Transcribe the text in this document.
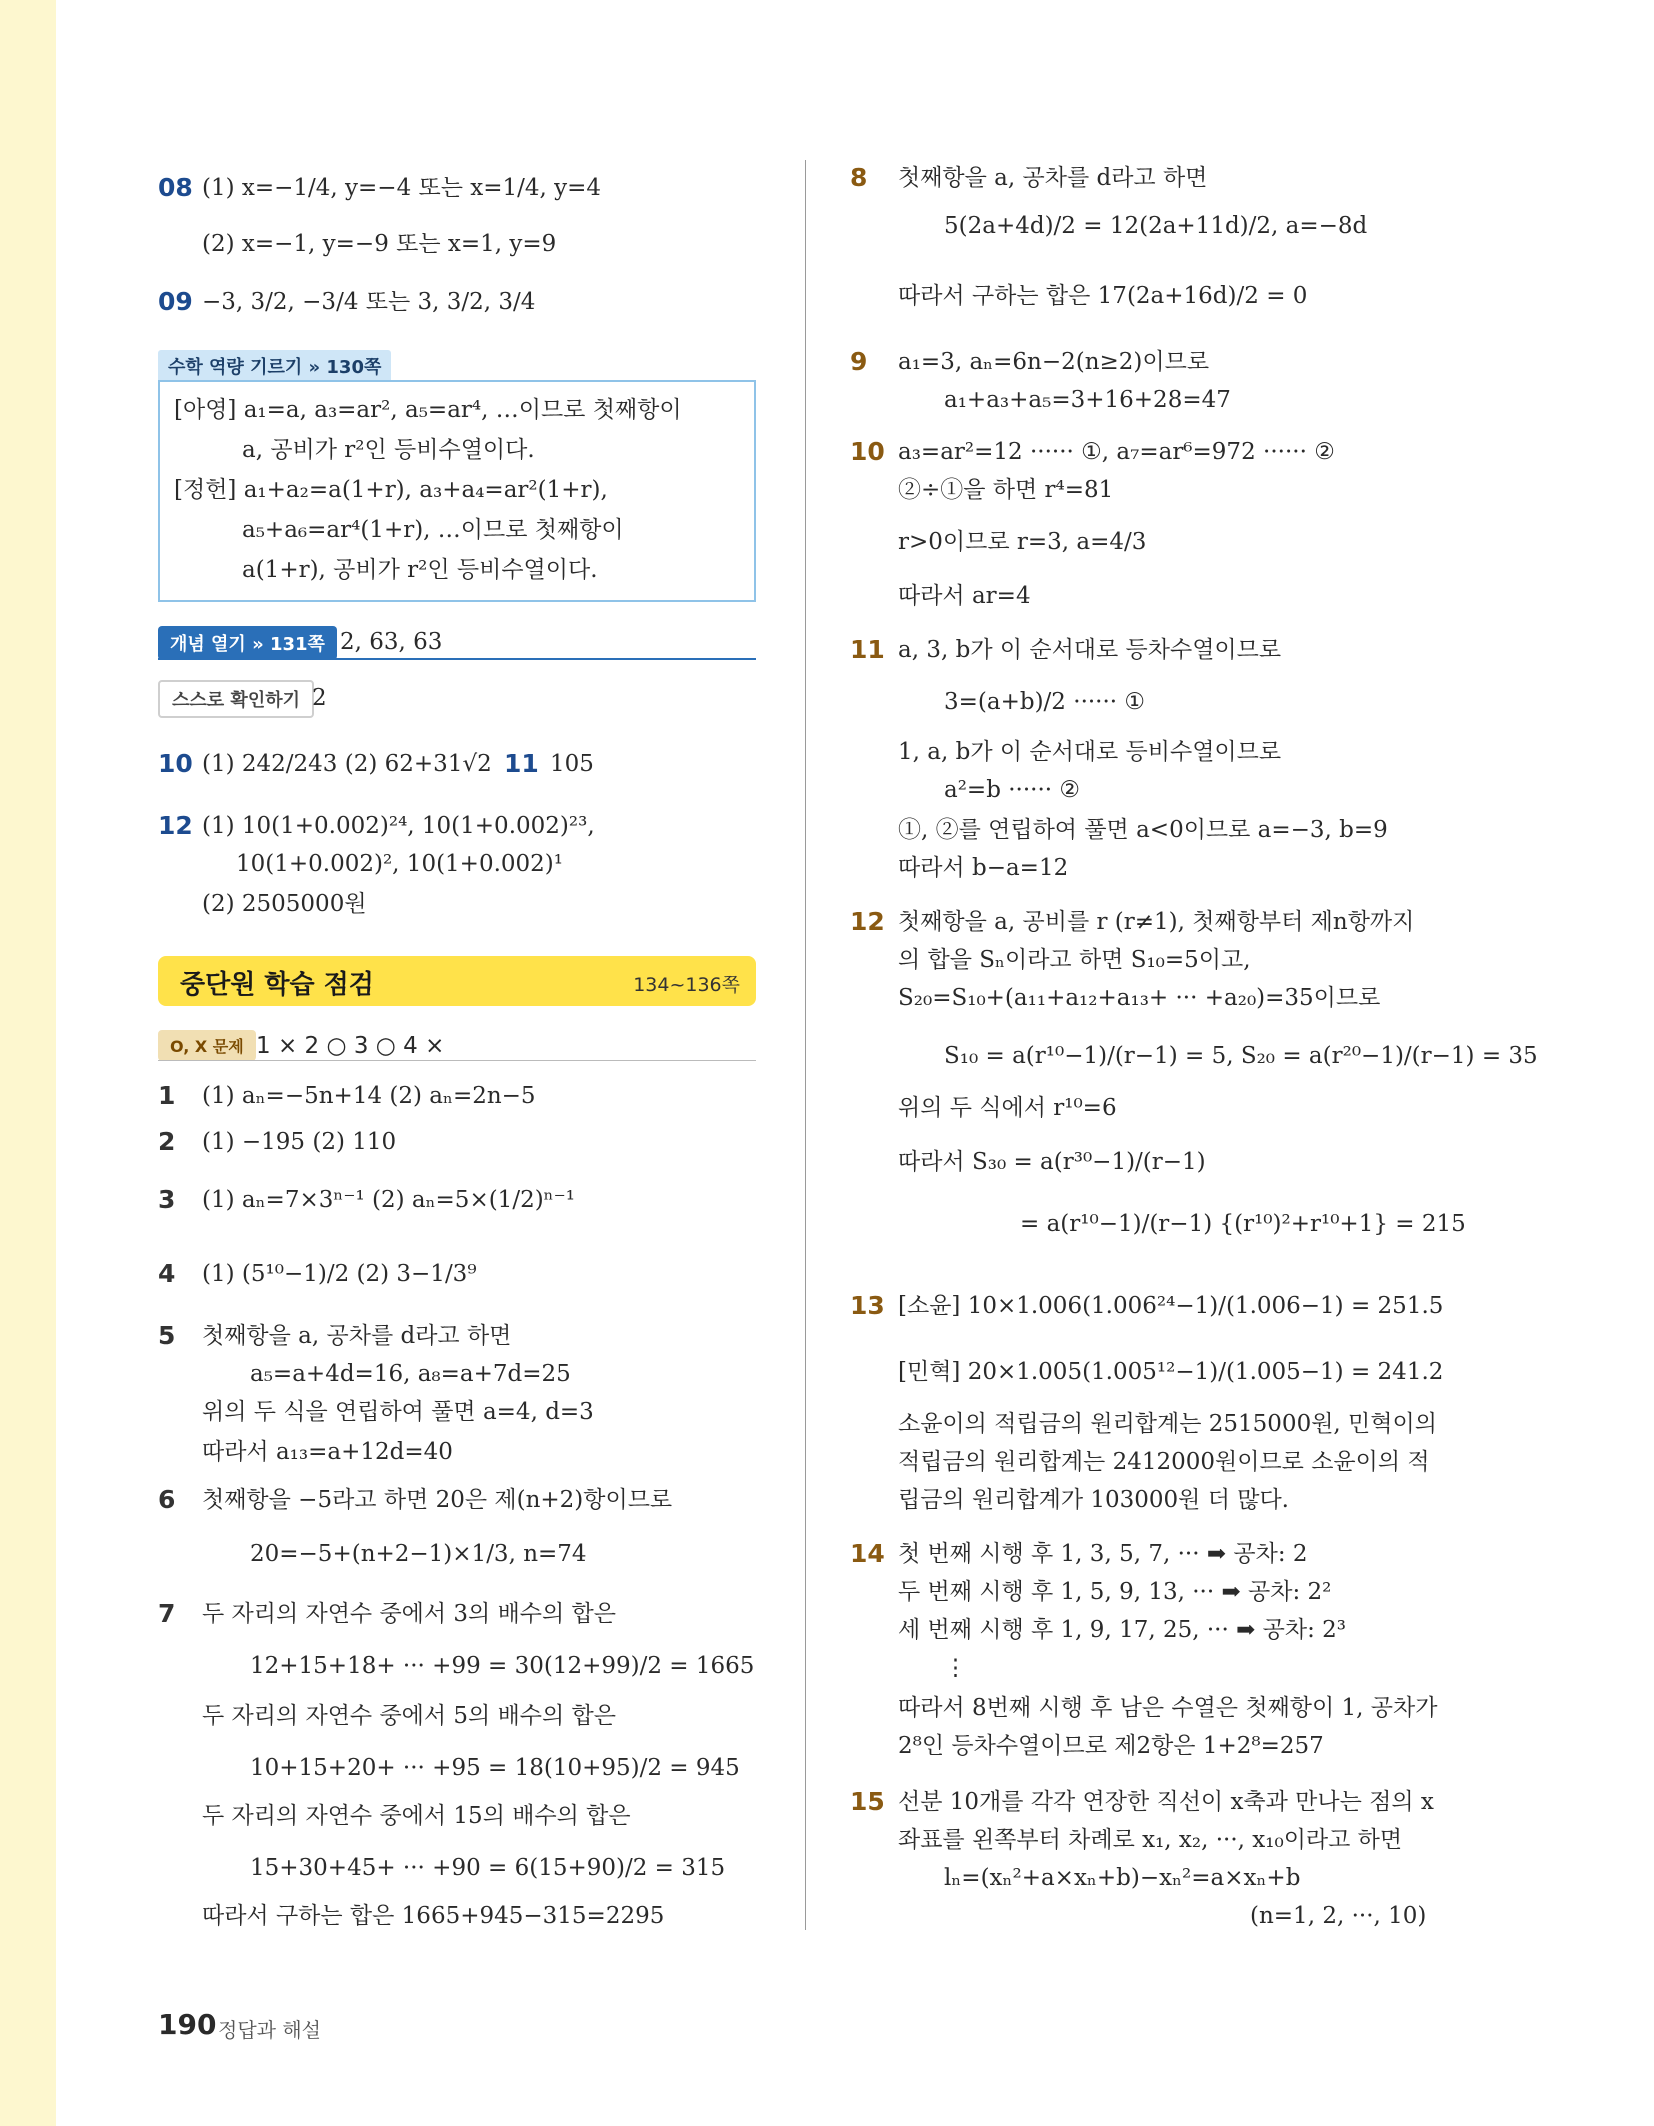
08 (1) x=−1/4, y=−4 또는 x=1/4, y=4
(2) x=−1, y=−9 또는 x=1, y=9
09 −3, 3/2, −3/4 또는 3, 3/2, 3/4
수학 역량 기르기 » 130쪽
[아영] a₁=a, a₃=ar², a₅=ar⁴, …이므로 첫째항이
a, 공비가 r²인 등비수열이다.
[정헌] a₁+a₂=a(1+r), a₃+a₄=ar²(1+r),
a₅+a₆=ar⁴(1+r), …이므로 첫째항이
a(1+r), 공비가 r²인 등비수열이다.
개념 열기 » 131쪽 2, 63, 63
스스로 확인하기 2
10 (1) 242/243 (2) 62+31√2 11 105
12 (1) 10(1+0.002)²⁴, 10(1+0.002)²³,
10(1+0.002)², 10(1+0.002)¹
(2) 2505000원
중단원 학습 점검	134~136쪽
O, X 문제 1 × 2 ○ 3 ○ 4 ×
1 (1) aₙ=−5n+14 (2) aₙ=2n−5
2 (1) −195 (2) 110
3 (1) aₙ=7×3ⁿ⁻¹ (2) aₙ=5×(1/2)ⁿ⁻¹
4 (1) (5¹⁰−1)/2 (2) 3−1/3⁹
5 첫째항을 a, 공차를 d라고 하면
a₅=a+4d=16, a₈=a+7d=25
위의 두 식을 연립하여 풀면 a=4, d=3
따라서 a₁₃=a+12d=40
6 첫째항을 −5라고 하면 20은 제(n+2)항이므로
20=−5+(n+2−1)×1/3, n=74
7 두 자리의 자연수 중에서 3의 배수의 합은
12+15+18+ ··· +99 = 30(12+99)/2 = 1665
두 자리의 자연수 중에서 5의 배수의 합은
10+15+20+ ··· +95 = 18(10+95)/2 = 945
두 자리의 자연수 중에서 15의 배수의 합은
15+30+45+ ··· +90 = 6(15+90)/2 = 315
따라서 구하는 합은 1665+945−315=2295
8 첫째항을 a, 공차를 d라고 하면
5(2a+4d)/2 = 12(2a+11d)/2, a=−8d
따라서 구하는 합은 17(2a+16d)/2 = 0
9 a₁=3, aₙ=6n−2(n≥2)이므로
a₁+a₃+a₅=3+16+28=47
10 a₃=ar²=12 ······ ①, a₇=ar⁶=972 ······ ②
②÷①을 하면 r⁴=81
r>0이므로 r=3, a=4/3
따라서 ar=4
11 a, 3, b가 이 순서대로 등차수열이므로
3=(a+b)/2 ······ ①
1, a, b가 이 순서대로 등비수열이므로
a²=b ······ ②
①, ②를 연립하여 풀면 a<0이므로 a=−3, b=9
따라서 b−a=12
12 첫째항을 a, 공비를 r (r≠1), 첫째항부터 제n항까지
의 합을 Sₙ이라고 하면 S₁₀=5이고,
S₂₀=S₁₀+(a₁₁+a₁₂+a₁₃+ ··· +a₂₀)=35이므로
S₁₀ = a(r¹⁰−1)/(r−1) = 5, S₂₀ = a(r²⁰−1)/(r−1) = 35
위의 두 식에서 r¹⁰=6
따라서 S₃₀ = a(r³⁰−1)/(r−1)
= a(r¹⁰−1)/(r−1) {(r¹⁰)²+r¹⁰+1} = 215
13 [소윤] 10×1.006(1.006²⁴−1)/(1.006−1) = 251.5
[민혁] 20×1.005(1.005¹²−1)/(1.005−1) = 241.2
소윤이의 적립금의 원리합계는 2515000원, 민혁이의
적립금의 원리합계는 2412000원이므로 소윤이의 적
립금의 원리합계가 103000원 더 많다.
14 첫 번째 시행 후 1, 3, 5, 7, ··· ➡ 공차: 2
두 번째 시행 후 1, 5, 9, 13, ··· ➡ 공차: 2²
세 번째 시행 후 1, 9, 17, 25, ··· ➡ 공차: 2³
⋮
따라서 8번째 시행 후 남은 수열은 첫째항이 1, 공차가
2⁸인 등차수열이므로 제2항은 1+2⁸=257
15 선분 10개를 각각 연장한 직선이 x축과 만나는 점의 x
좌표를 왼쪽부터 차례로 x₁, x₂, ···, x₁₀이라고 하면
lₙ=(xₙ²+a×xₙ+b)−xₙ²=a×xₙ+b
(n=1, 2, ···, 10)
190 정답과 해설
